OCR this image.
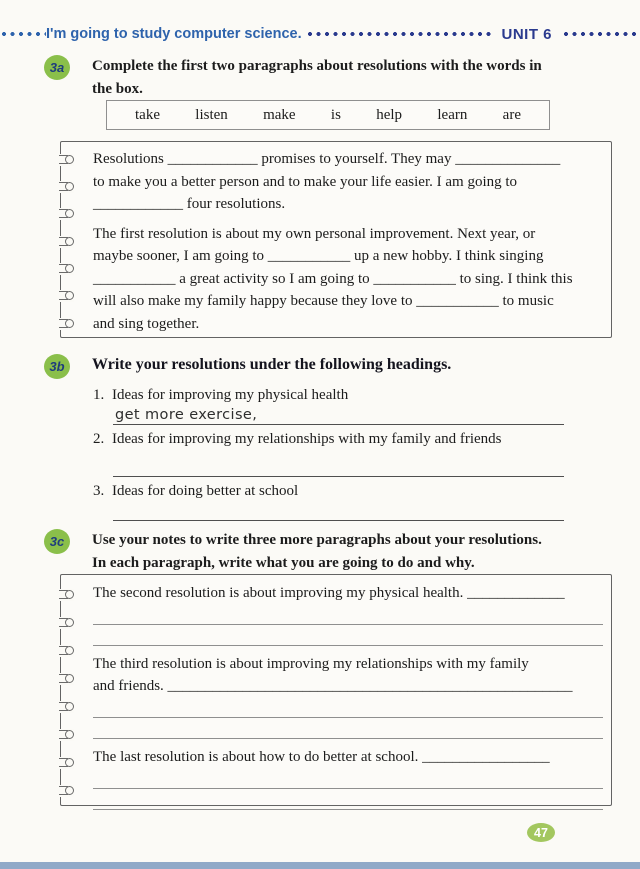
I'm going to study computer science.	UNIT 6
3a	Complete the first two paragraphs about resolutions with the words in
the box.
take listen make is help learn are
Resolutions ____________ promises to yourself. They may ______________
to make you a better person and to make your life easier. I am going to
____________ four resolutions.
The first resolution is about my own personal improvement. Next year, or
maybe sooner, I am going to ___________ up a new hobby. I think singing
___________ a great activity so I am going to ___________ to sing. I think this
will also make my family happy because they love to ___________ to music
and sing together.
3b	Write your resolutions under the following headings.
1. Ideas for improving my physical health
get more exercise,
2. Ideas for improving my relationships with my family and friends
3. Ideas for doing better at school
3c	Use your notes to write three more paragraphs about your resolutions.
In each paragraph, write what you are going to do and why.
The second resolution is about improving my physical health. _____________
The third resolution is about improving my relationships with my family
and friends. ______________________________________________________
The last resolution is about how to do better at school. _________________
47
